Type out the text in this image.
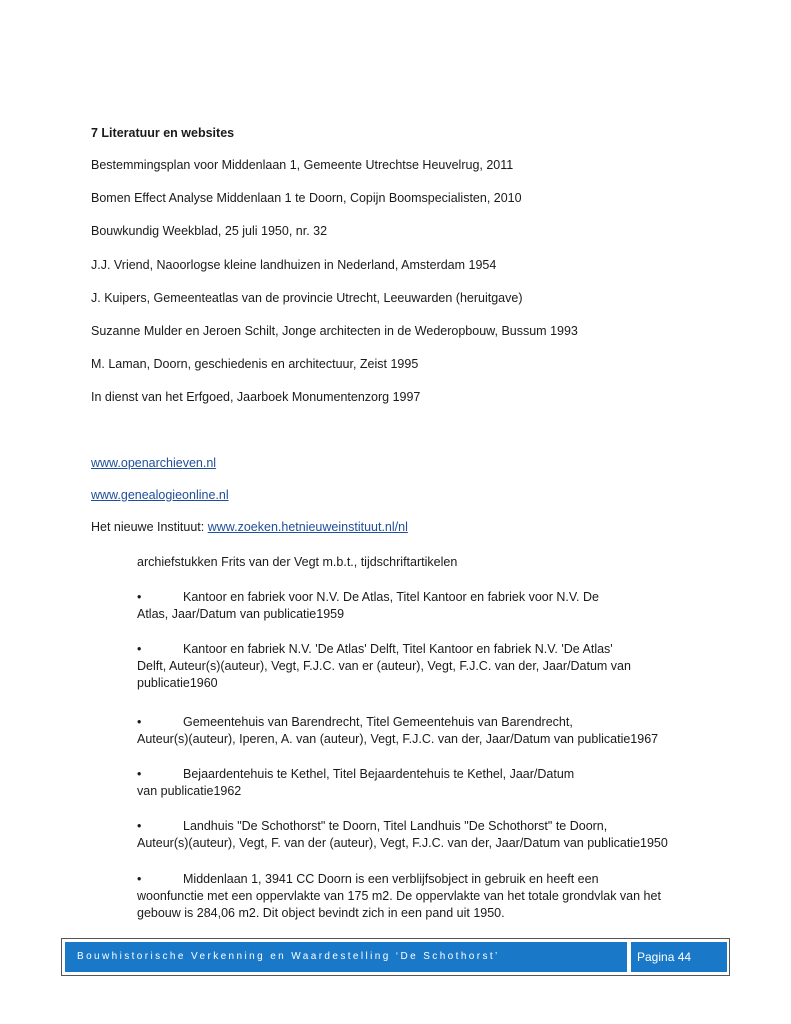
7 Literatuur en websites
Bestemmingsplan voor Middenlaan 1, Gemeente Utrechtse Heuvelrug, 2011
Bomen Effect Analyse Middenlaan 1 te Doorn, Copijn Boomspecialisten, 2010
Bouwkundig Weekblad, 25 juli 1950, nr. 32
J.J. Vriend, Naoorlogse kleine landhuizen in Nederland, Amsterdam 1954
J. Kuipers, Gemeenteatlas van de provincie Utrecht, Leeuwarden (heruitgave)
Suzanne Mulder en Jeroen Schilt, Jonge architecten in de Wederopbouw, Bussum 1993
M. Laman, Doorn, geschiedenis en architectuur, Zeist 1995
In dienst van het Erfgoed, Jaarboek Monumentenzorg 1997
www.openarchieven.nl
www.genealogieonline.nl
Het nieuwe Instituut: www.zoeken.hetnieuweinstituut.nl/nl
archiefstukken Frits van der Vegt m.b.t., tijdschriftartikelen
•	Kantoor en fabriek voor N.V. De Atlas, Titel Kantoor en fabriek voor N.V. De
Atlas, Jaar/Datum van publicatie1959
•	Kantoor en fabriek N.V. 'De Atlas' Delft, Titel Kantoor en fabriek N.V. 'De Atlas'
Delft, Auteur(s)(auteur), Vegt, F.J.C. van er (auteur), Vegt, F.J.C. van der, Jaar/Datum van publicatie1960
•	Gemeentehuis van Barendrecht, Titel Gemeentehuis van Barendrecht,
Auteur(s)(auteur), Iperen, A. van (auteur), Vegt, F.J.C. van der, Jaar/Datum van publicatie1967
•	Bejaardentehuis te Kethel, Titel Bejaardentehuis te Kethel, Jaar/Datum
van publicatie1962
•	Landhuis "De Schothorst" te Doorn, Titel Landhuis "De Schothorst" te Doorn,
Auteur(s)(auteur), Vegt, F. van der (auteur), Vegt, F.J.C. van der, Jaar/Datum van publicatie1950
•	Middenlaan 1, 3941 CC Doorn is een verblijfsobject in gebruik en heeft een
woonfunctie met een oppervlakte van 175 m2. De oppervlakte van het totale grondvlak van het gebouw is 284,06 m2. Dit object bevindt zich in een pand uit 1950.
Bouwhistorische Verkenning en Waardestelling ‘De Schothorst’	Pagina 44
